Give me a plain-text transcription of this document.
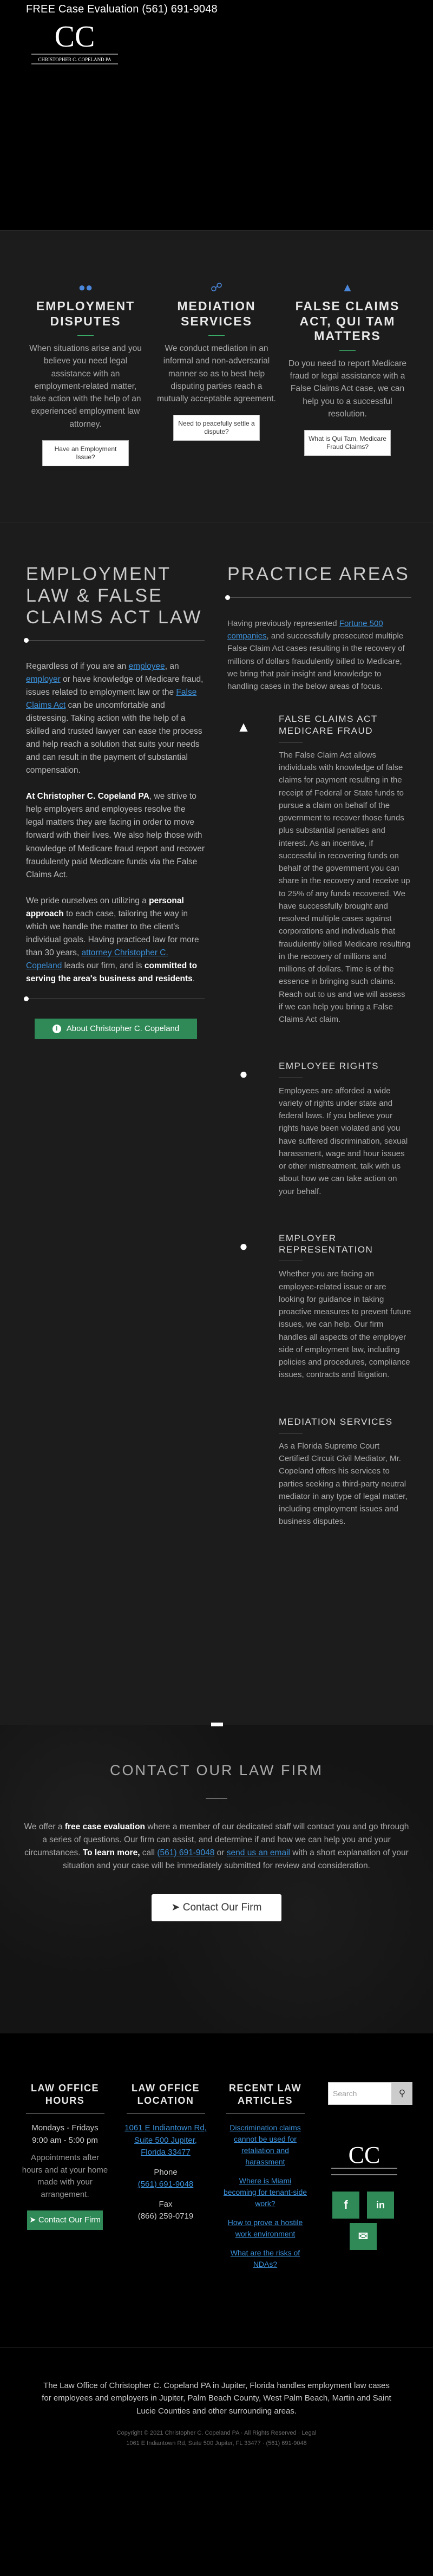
FREE Case Evaluation (561) 691-9048
CC
CHRISTOPHER C. COPELAND PA
●●
EMPLOYMENT DISPUTES

When situations arise and you believe you need legal assistance with an employment-related matter, take action with the help of an experienced employment law attorney.

Have an Employment Issue?
☍
MEDIATION SERVICES

We conduct mediation in an informal and non-adversarial manner so as to best help disputing parties reach a mutually acceptable agreement.

Need to peacefully settle a dispute?
▲
FALSE CLAIMS ACT, QUI TAM MATTERS

Do you need to report Medicare fraud or legal assistance with a False Claims Act case, we can help you to a successful resolution.

What is Qui Tam, Medicare Fraud Claims?
EMPLOYMENT LAW & FALSE CLAIMS ACT LAW

Regardless of if you are an employee, an employer or have knowledge of Medicare fraud, issues related to employment law or the False Claims Act can be uncomfortable and distressing. Taking action with the help of a skilled and trusted lawyer can ease the process and help reach a solution that suits your needs and can result in the payment of substantial compensation.

At Christopher C. Copeland PA, we strive to help employers and employees resolve the legal matters they are facing in order to move forward with their lives. We also help those with knowledge of Medicare fraud report and recover fraudulently paid Medicare funds via the False Claims Act.

We pride ourselves on utilizing a personal approach to each case, tailoring the way in which we handle the matter to the client's individual goals. Having practiced law for more than 30 years, attorney Christopher C. Copeland leads our firm, and is committed to serving the area's business and residents.

i About Christopher C. Copeland
PRACTICE AREAS

Having previously represented Fortune 500 companies, and successfully prosecuted multiple False Claim Act cases resulting in the recovery of millions of dollars fraudulently billed to Medicare, we bring that pair insight and knowledge to handling cases in the below areas of focus.

▲	FALSE CLAIMS ACT MEDICARE FRAUD

The False Claim Act allows individuals with knowledge of false claims for payment resulting in the receipt of Federal or State funds to pursue a claim on behalf of the government to recover those funds plus substantial penalties and interest. As an incentive, if successful in recovering funds on behalf of the government you can share in the recovery and receive up to 25% of any funds recovered. We have successfully brought and resolved multiple cases against corporations and individuals that fraudulently billed Medicare resulting in the recovery of millions and millions of dollars. Time is of the essence in bringing such claims. Reach out to us and we will assess if we can help you bring a False Claims Act claim.

●	EMPLOYEE RIGHTS

Employees are afforded a wide variety of rights under state and federal laws. If you believe your rights have been violated and you have suffered discrimination, sexual harassment, wage and hour issues or other mistreatment, talk with us about how we can take action on your behalf.

●	EMPLOYER REPRESENTATION

Whether you are facing an employee-related issue or are looking for guidance in taking proactive measures to prevent future issues, we can help. Our firm handles all aspects of the employer side of employment law, including policies and procedures, compliance issues, contracts and litigation.

MEDIATION SERVICES

As a Florida Supreme Court Certified Circuit Civil Mediator, Mr. Copeland offers his services to parties seeking a third-party neutral mediator in any type of legal matter, including employment issues and business disputes.

CONTACT OUR LAW FIRM

We offer a free case evaluation where a member of our dedicated staff will contact you and go through a series of questions. Our firm can assist, and determine if and how we can help you and your circumstances. To learn more, call (561) 691-9048 or send us an email with a short explanation of your situation and your case will be immediately submitted for review and consideration.

➤ Contact Our Firm
LAW OFFICE HOURS

Mondays - Fridays

9:00 am - 5:00 pm

Appointments after hours and at your home made with your arrangement.

➤ Contact Our Firm
LAW OFFICE LOCATION

1061 E Indiantown Rd, Suite 500 Jupiter, Florida 33477

Phone

(561) 691-9048

Fax

(866) 259-0719

RECENT LAW ARTICLES

Discrimination claims cannot be used for retaliation and harassment

Where is Miami becoming for tenant-side work?

How to prove a hostile work environment

What are the risks of NDAs?

Search	⚲
CC
f	in
✉

The Law Office of Christopher C. Copeland PA in Jupiter, Florida handles employment law cases for employees and employers in Jupiter, Palm Beach County, West Palm Beach, Martin and Saint Lucie Counties and other surrounding areas.

Copyright © 2021 Christopher C. Copeland PA · All Rights Reserved · Legal
1061 E Indiantown Rd, Suite 500 Jupiter, FL 33477 · (561) 691-9048
